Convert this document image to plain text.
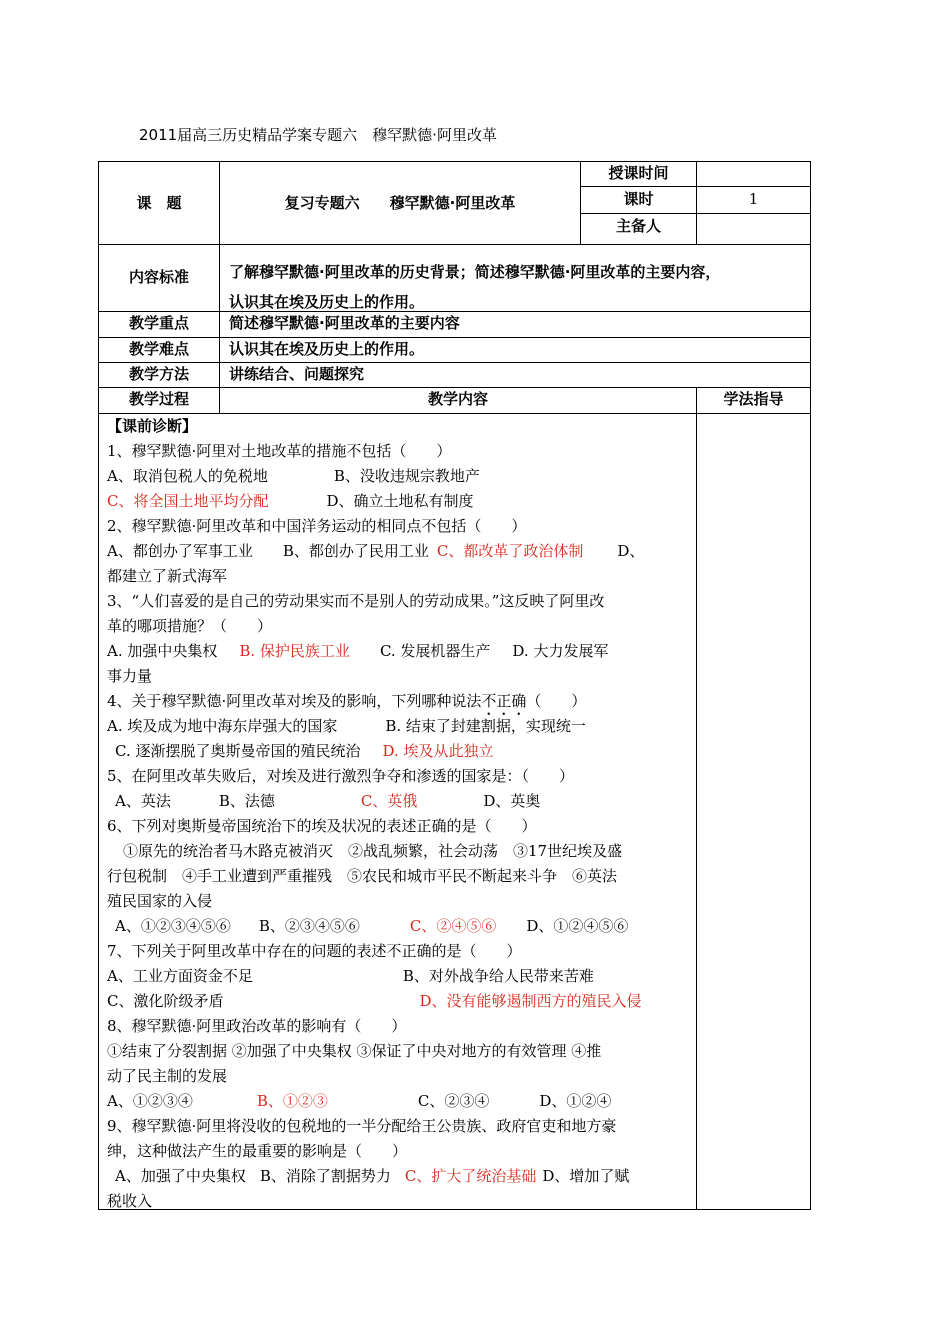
2011届高三历史精品学案专题六　穆罕默德·阿里改革
课　题	复习专题六　　穆罕默德·阿里改革
授课时间
课时	1
主备人
内容标准	了解穆罕默德·阿里改革的历史背景；简述穆罕默德·阿里改革的主要内容，
认识其在埃及历史上的作用。
教学重点	简述穆罕默德·阿里改革的主要内容
教学难点	认识其在埃及历史上的作用。
教学方法	讲练结合、问题探究
教学过程	教学内容	学法指导
【课前诊断】
1、穆罕默德·阿里对土地改革的措施不包括（　　）
A、取消包税人的免税地	B、没收违规宗教地产
C、将全国土地平均分配	D、确立土地私有制度
2、穆罕默德·阿里改革和中国洋务运动的相同点不包括（　　）
A、都创办了军事工业 B、都创办了民用工业 C、都改革了政治体制 D、
都建立了新式海军
3、“人们喜爱的是自己的劳动果实而不是别人的劳动成果。”这反映了阿里改
革的哪项措施？（　　）
A. 加强中央集权 B. 保护民族工业 C. 发展机器生产 D. 大力发展军
事力量
4、关于穆罕默德·阿里改革对埃及的影响，下列哪种说法不正确（　　）
A. 埃及成为地中海东岸强大的国家	B. 结束了封建割据，实现统一
C. 逐渐摆脱了奥斯曼帝国的殖民统治 D. 埃及从此独立
5、在阿里改革失败后，对埃及进行激烈争夺和渗透的国家是：（　　）
A、英法	B、法德	C、英俄	D、英奥
6、下列对奥斯曼帝国统治下的埃及状况的表述正确的是（　　）
①原先的统治者马木路克被消灭　②战乱频繁，社会动荡　③17世纪埃及盛
行包税制　④手工业遭到严重摧残　⑤农民和城市平民不断起来斗争　⑥英法
殖民国家的入侵
A、①②③④⑤⑥ B、②③④⑤⑥	C、②④⑤⑥ D、①②④⑤⑥
7、下列关于阿里改革中存在的问题的表述不正确的是（　　）
A、工业方面资金不足	B、对外战争给人民带来苦难
C、激化阶级矛盾	D、没有能够遏制西方的殖民入侵
8、穆罕默德·阿里政治改革的影响有（　　）
①结束了分裂割据 ②加强了中央集权 ③保证了中央对地方的有效管理 ④推
动了民主制的发展
A、①②③④	B、①②③	C、②③④	D、①②④
9、穆罕默德·阿里将没收的包税地的一半分配给王公贵族、政府官吏和地方豪
绅，这种做法产生的最重要的影响是（　　）
A、加强了中央集权 B、消除了割据势力 C、扩大了统治基础 D、增加了赋
税收入
